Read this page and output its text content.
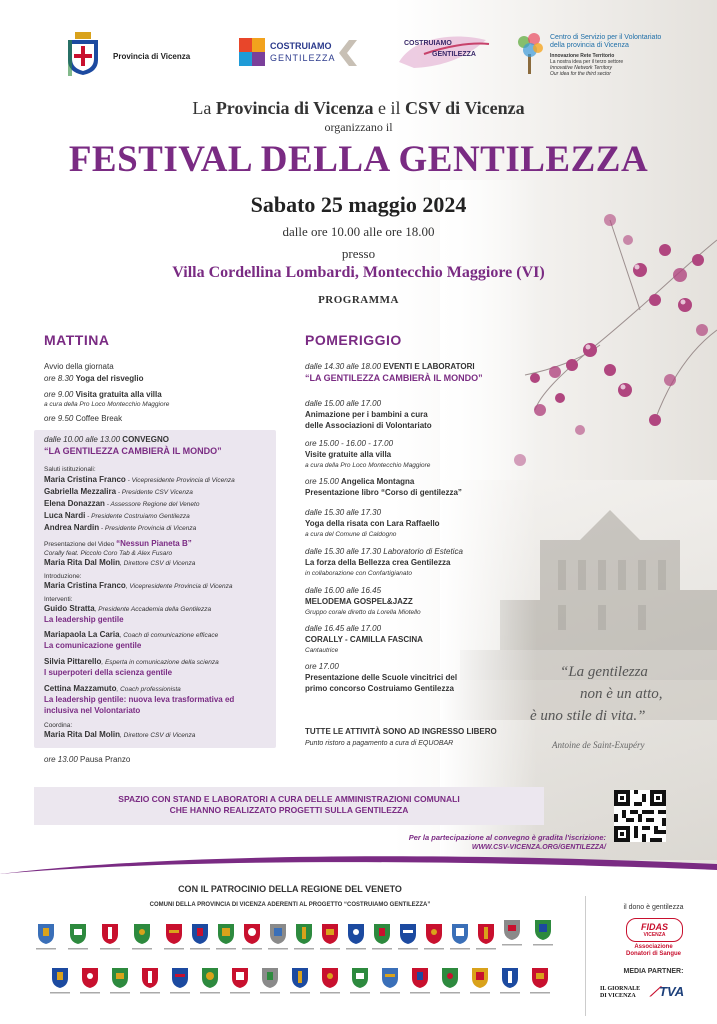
Provincia di Vicenza
COSTRUIAMO
GENTILEZZA
COSTRUIAMO
GENTILEZZA
Centro di Servizio per il Volontariato
della provincia di Vicenza
Innovazione Rete Territorio
La nostra idea per il terzo settore
Innovative Network Territory
Our idea for the third sector
La Provincia di Vicenza e il CSV di Vicenza
organizzano il
FESTIVAL DELLA GENTILEZZA
Sabato 25 maggio 2024
dalle ore 10.00 alle ore 18.00
presso
Villa Cordellina Lombardi, Montecchio Maggiore (VI)
PROGRAMMA
MATTINA
Avvio della giornata
ore 8.30 Yoga del risveglio
ore 9.00 Visita gratuita alla villa
a cura della Pro Loco Montecchio Maggiore
ore 9.50 Coffee Break
dalle 10.00 alle 13.00 CONVEGNO
“LA GENTILEZZA CAMBIERÀ IL MONDO”
Saluti istituzionali:
Maria Cristina Franco - Vicepresidente Provincia di Vicenza
Gabriella Mezzalira - Presidente CSV Vicenza
Elena Donazzan - Assessore Regione del Veneto
Luca Nardi - Presidente Costruiamo Gentilezza
Andrea Nardin - Presidente Provincia di Vicenza
Presentazione del Video “Nessun Pianeta B”
Corally feat. Piccolo Coro Tab & Alex Fusaro
Maria Rita Dal Molin, Direttore CSV di Vicenza
Introduzione:
Maria Cristina Franco, Vicepresidente Provincia di Vicenza
Interventi:
Guido Stratta, Presidente Accademia della Gentilezza
La leadership gentile
Mariapaola La Caria, Coach di comunicazione efficace
La comunicazione gentile
Silvia Pittarello, Esperta in comunicazione della scienza
I superpoteri della scienza gentile
Cettina Mazzamuto, Coach professionista
La leadership gentile: nuova leva trasformativa ed
inclusiva nel Volontariato
Coordina:
Maria Rita Dal Molin, Direttore CSV di Vicenza
ore 13.00 Pausa Pranzo
POMERIGGIO
dalle 14.30 alle 18.00 EVENTI E LABORATORI
“LA GENTILEZZA CAMBIERÀ IL MONDO”
dalle 15.00 alle 17.00
Animazione per i bambini a cura
delle Associazioni di Volontariato
ore 15.00 - 16.00 - 17.00
Visite gratuite alla villa
a cura della Pro Loco Montecchio Maggiore
ore 15.00 Angelica Montagna
Presentazione libro “Corso di gentilezza”
dalle 15.30 alle 17.30
Yoga della risata con Lara Raffaello
a cura del Comune di Caldogno
dalle 15.30 alle 17.30 Laboratorio di Estetica
La forza della Bellezza crea Gentilezza
in collaborazione con Confartigianato
dalle 16.00 alle 16.45
MELODEMA GOSPEL&JAZZ
Gruppo corale diretto da Lorella Miotello
dalle 16.45 alle 17.00
CORALLY - CAMILLA FASCINA
Cantautrice
ore 17.00
Presentazione delle Scuole vincitrici del
primo concorso Costruiamo Gentilezza
TUTTE LE ATTIVITÀ SONO AD INGRESSO LIBERO
Punto ristoro a pagamento a cura di EQUOBAR
“La gentilezza
non è un atto,
è uno stile di vita.”
Antoine de Saint-Exupéry
SPAZIO CON STAND E LABORATORI A CURA DELLE AMMINISTRAZIONI COMUNALI
CHE HANNO REALIZZATO PROGETTI SULLA GENTILEZZA
Per la partecipazione al convegno è gradita l'iscrizione:
WWW.CSV-VICENZA.ORG/GENTILEZZA/
CON IL PATROCINIO DELLA REGIONE DEL VENETO
COMUNI DELLA PROVINCIA DI VICENZA ADERENTI AL PROGETTO “COSTRUIAMO GENTILEZZA”	il dono è gentilezza
FIDAS
VICENZA
Associazione
Donatori di Sangue
MEDIA PARTNER:
IL GIORNALE
DI VICENZA	⟋TVA
